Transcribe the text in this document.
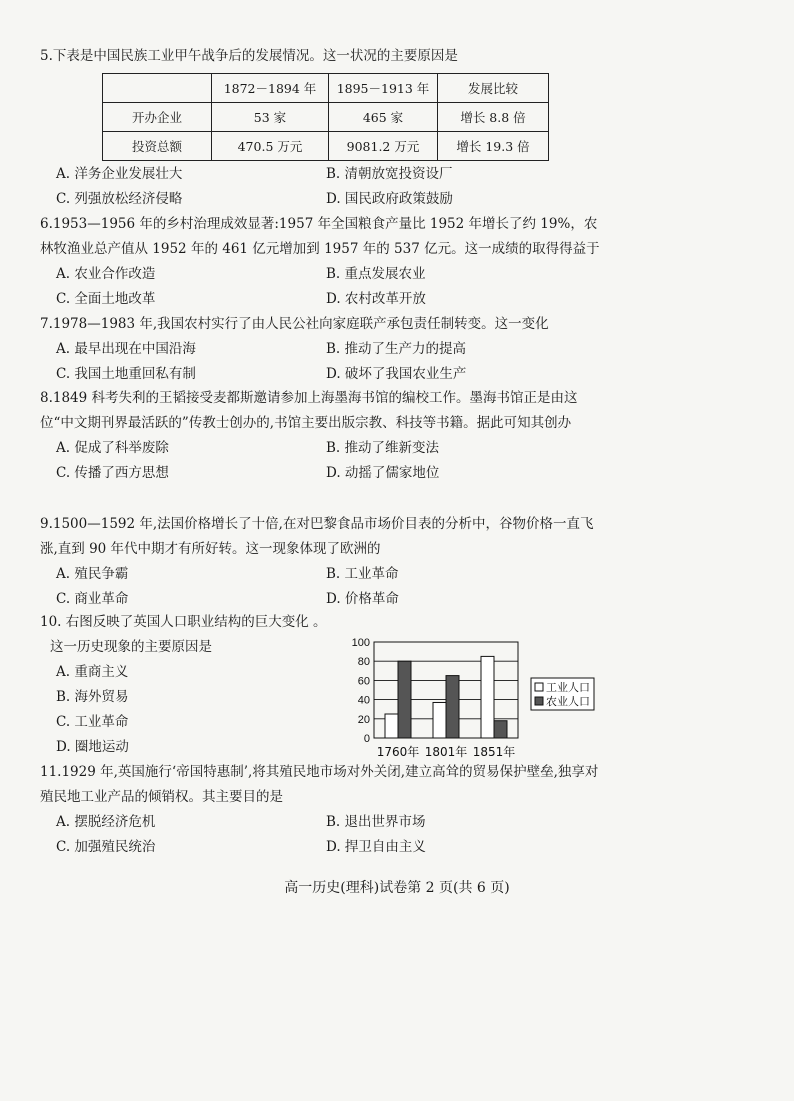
5.下表是中国民族工业甲午战争后的发展情况。这一状况的主要原因是
	1872－1894 年	1895－1913 年	发展比较
开办企业	53 家	465 家	增长 8.8 倍
投资总额	470.5 万元	9081.2 万元	增长 19.3 倍
A. 洋务企业发展壮大	B. 清朝放宽投资设厂
C. 列强放松经济侵略	D. 国民政府政策鼓励
6.1953—1956 年的乡村治理成效显著:1957 年全国粮食产量比 1952 年增长了约 19%，农林牧渔业总产值从 1952 年的 461 亿元增加到 1957 年的 537 亿元。这一成绩的取得得益于
A. 农业合作改造	B. 重点发展农业
C. 全面土地改革	D. 农村改革开放
7.1978—1983 年,我国农村实行了由人民公社向家庭联产承包责任制转变。这一变化
A. 最早出现在中国沿海	B. 推动了生产力的提高
C. 我国土地重回私有制	D. 破坏了我国农业生产
8.1849 科考失利的王韬接受麦都斯邀请参加上海墨海书馆的编校工作。墨海书馆正是由这位“中文期刊界最活跃的”传教士创办的,书馆主要出版宗教、科技等书籍。据此可知其创办
A. 促成了科举废除	B. 推动了维新变法
C. 传播了西方思想	D. 动摇了儒家地位
9.1500—1592 年,法国价格增长了十倍,在对巴黎食品市场价目表的分析中，谷物价格一直飞涨,直到 90 年代中期才有所好转。这一现象体现了欧洲的
A. 殖民争霸	B. 工业革命
C. 商业革命	D. 价格革命
10. 右图反映了英国人口职业结构的巨大变化 。
这一历史现象的主要原因是
A. 重商主义
B. 海外贸易
C. 工业革命
D. 圈地运动	0
20
40
60
80
100
1760年 1801年 1851年
工业人口
农业人口
11.1929 年,英国施行‘帝国特惠制’,将其殖民地市场对外关闭,建立高耸的贸易保护壁垒,独享对殖民地工业产品的倾销权。其主要目的是
A. 摆脱经济危机	B. 退出世界市场
C. 加强殖民统治	D. 捍卫自由主义
高一历史(理科)试卷第 2 页(共 6 页)
